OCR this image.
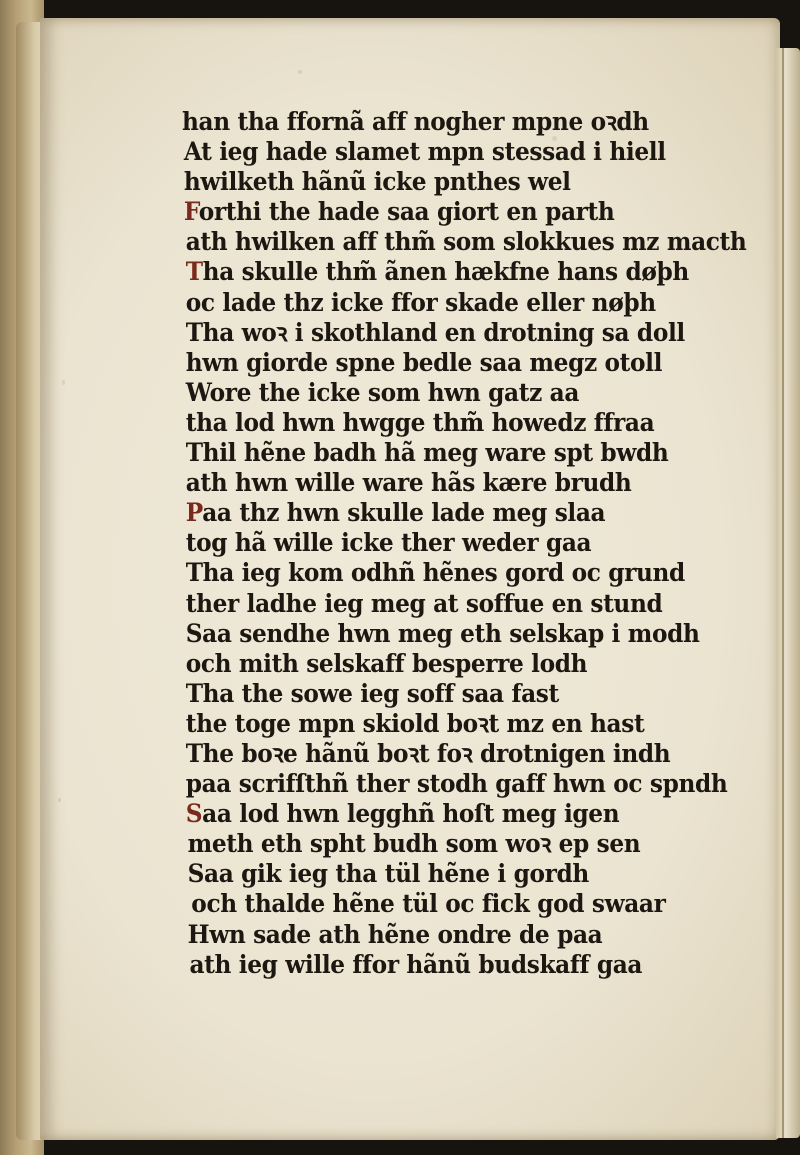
han tha ffornã aff nogher mpne oꝛdh
At ieg hade slamet mpn stessad i hiell
hwilketh hãnũ icke pnthes wel
Forthi the hade saa giort en parth
ath hwilken aff thm̃ som slokkues mz macth
Tha skulle thm̃ ãnen hækfne hans døþh
oc lade thz icke ffor skade eller nøþh
Tha woꝛ i skothland en drotning sa doll
hwn giorde spne bedle saa megz otoll
Wore the icke som hwn gatz aa
tha lod hwn hwgge thm̃ howedz ffraa
Thil hẽne badh hã meg ware spt bwdh
ath hwn wille ware hãs kære brudh
Paa thz hwn skulle lade meg slaa
tog hã wille icke ther weder gaa
Tha ieg kom odhñ hẽnes gord oc grund
ther ladhe ieg meg at soffue en stund
Saa sendhe hwn meg eth selskap i modh
och mith selskaff besperre lodh
Tha the sowe ieg soff saa fast
the toge mpn skiold boꝛt mz en hast
The boꝛe hãnũ boꝛt foꝛ drotnigen indh
paa scrifſthñ ther stodh gaff hwn oc spndh
Saa lod hwn legghñ hoſt meg igen
meth eth spht budh som woꝛ ep sen
Saa gik ieg tha tül hẽne i gordh
och thalde hẽne tül oc fick god swaar
Hwn sade ath hẽne ondre de paa
ath ieg wille ffor hãnũ budskaff gaa
